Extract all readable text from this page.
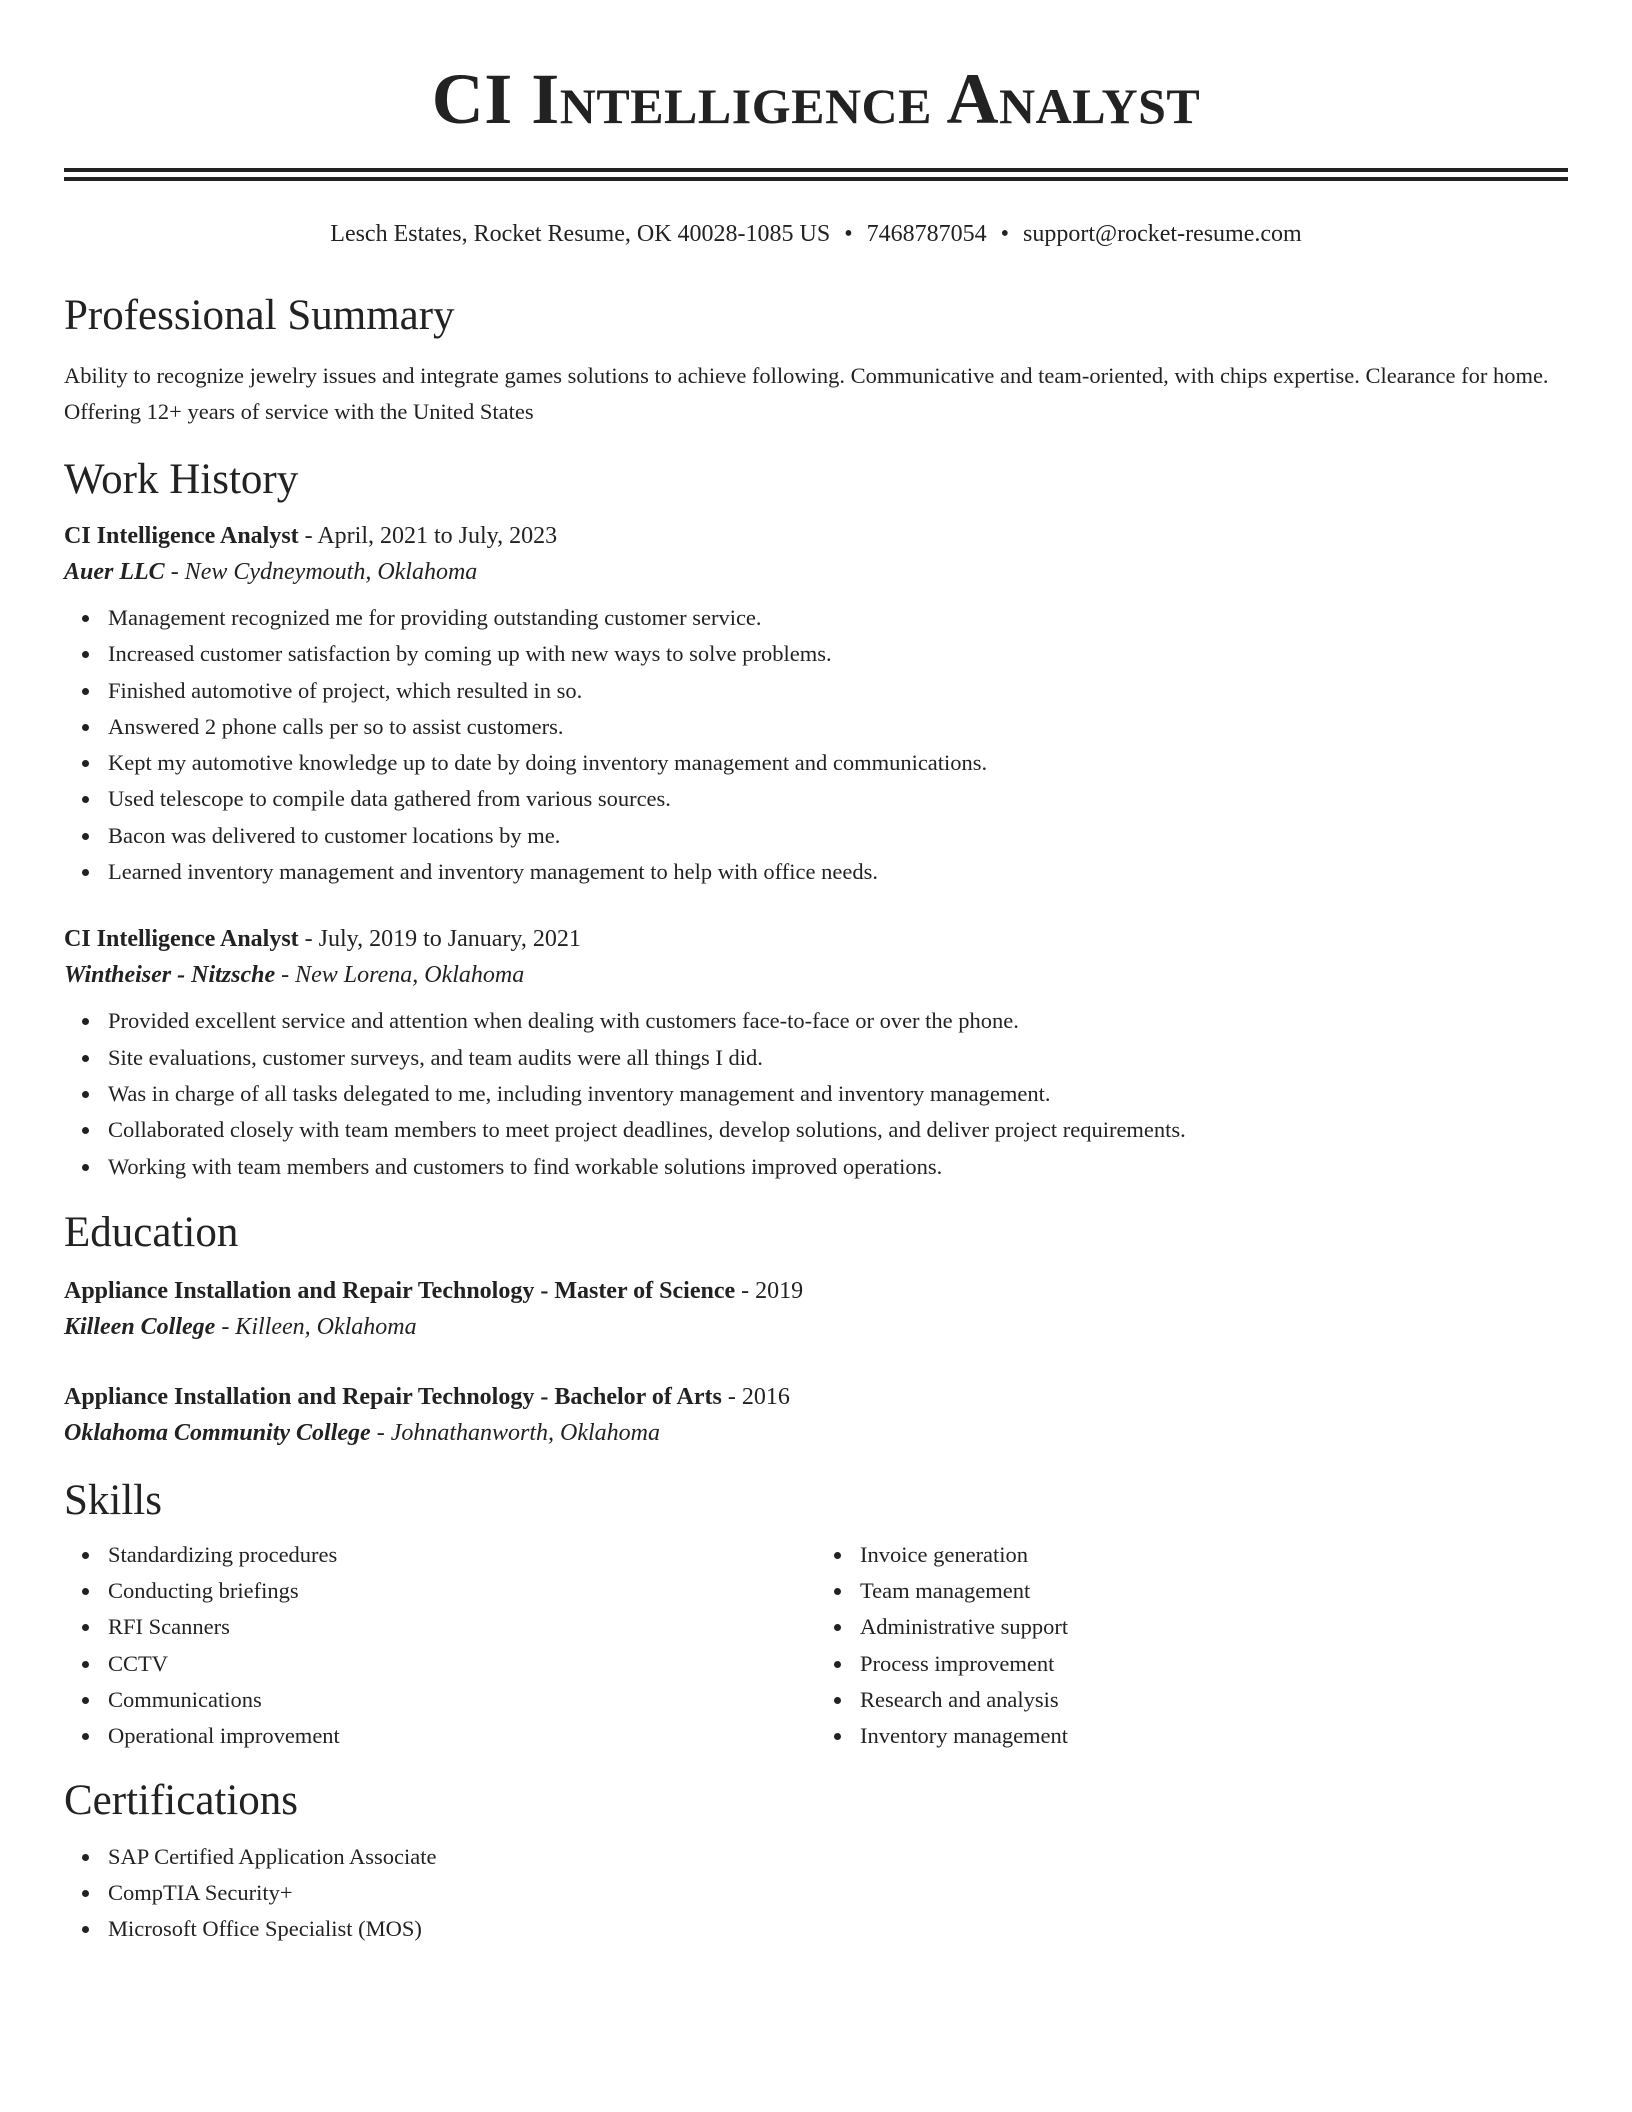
CI Intelligence Analyst
Lesch Estates, Rocket Resume, OK 40028-1085 US • 7468787054 • support@rocket-resume.com
Professional Summary
Ability to recognize jewelry issues and integrate games solutions to achieve following. Communicative and team-oriented, with chips expertise. Clearance for home. Offering 12+ years of service with the United States
Work History
CI Intelligence Analyst - April, 2021 to July, 2023
Auer LLC - New Cydneymouth, Oklahoma
Management recognized me for providing outstanding customer service.
Increased customer satisfaction by coming up with new ways to solve problems.
Finished automotive of project, which resulted in so.
Answered 2 phone calls per so to assist customers.
Kept my automotive knowledge up to date by doing inventory management and communications.
Used telescope to compile data gathered from various sources.
Bacon was delivered to customer locations by me.
Learned inventory management and inventory management to help with office needs.
CI Intelligence Analyst - July, 2019 to January, 2021
Wintheiser - Nitzsche - New Lorena, Oklahoma
Provided excellent service and attention when dealing with customers face-to-face or over the phone.
Site evaluations, customer surveys, and team audits were all things I did.
Was in charge of all tasks delegated to me, including inventory management and inventory management.
Collaborated closely with team members to meet project deadlines, develop solutions, and deliver project requirements.
Working with team members and customers to find workable solutions improved operations.
Education
Appliance Installation and Repair Technology - Master of Science - 2019
Killeen College - Killeen, Oklahoma
Appliance Installation and Repair Technology - Bachelor of Arts - 2016
Oklahoma Community College - Johnathanworth, Oklahoma
Skills
Standardizing procedures
Conducting briefings
RFI Scanners
CCTV
Communications
Operational improvement
Invoice generation
Team management
Administrative support
Process improvement
Research and analysis
Inventory management
Certifications
SAP Certified Application Associate
CompTIA Security+
Microsoft Office Specialist (MOS)
